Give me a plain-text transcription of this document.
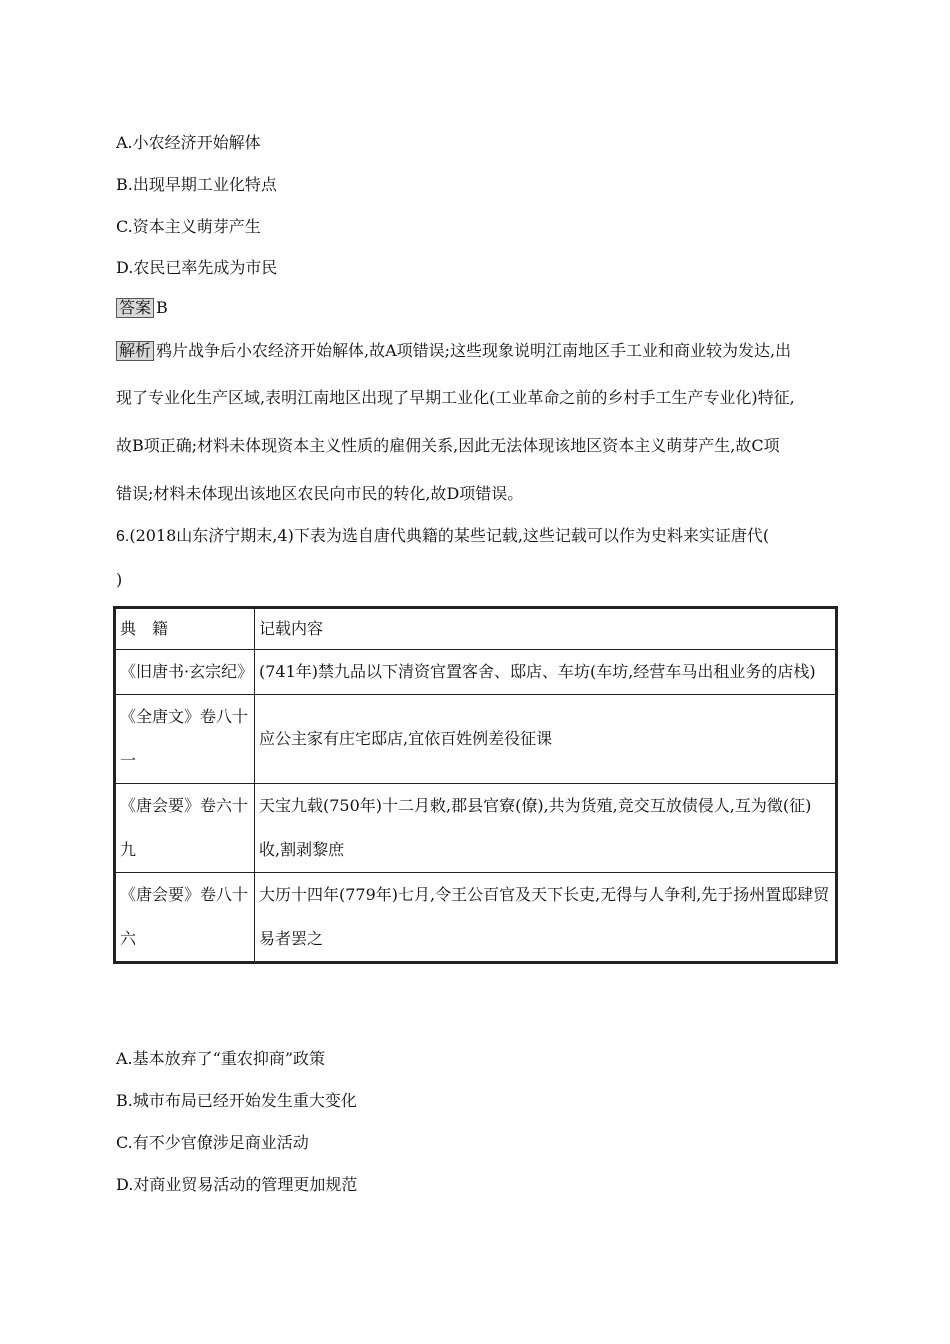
A.小农经济开始解体
B.出现早期工业化特点
C.资本主义萌芽产生
D.农民已率先成为市民
答案 B
解析 鸦片战争后小农经济开始解体,故A项错误;这些现象说明江南地区手工业和商业较为发达,出
现了专业化生产区域,表明江南地区出现了早期工业化(工业革命之前的乡村手工生产专业化)特征,
故B项正确;材料未体现资本主义性质的雇佣关系,因此无法体现该地区资本主义萌芽产生,故C项
错误;材料未体现出该地区农民向市民的转化,故D项错误。
6.(2018山东济宁期末,4)下表为选自唐代典籍的某些记载,这些记载可以作为史料来实证唐代(
)
典　籍	记载内容

《旧唐书·玄宗纪》	(741年)禁九品以下清资官置客舍、邸店、车坊(车坊,经营车马出租业务的店栈)

《全唐文》卷八十一	应公主家有庄宅邸店,宜依百姓例差役征课

《唐会要》卷六十九	天宝九载(750年)十二月敕,郡县官寮(僚),共为货殖,竞交互放债侵人,互为徵(征)收,割剥黎庶

《唐会要》卷八十六	大历十四年(779年)七月,令王公百官及天下长吏,无得与人争利,先于扬州置邸肆贸易者罢之
A.基本放弃了“重农抑商”政策
B.城市布局已经开始发生重大变化
C.有不少官僚涉足商业活动
D.对商业贸易活动的管理更加规范
